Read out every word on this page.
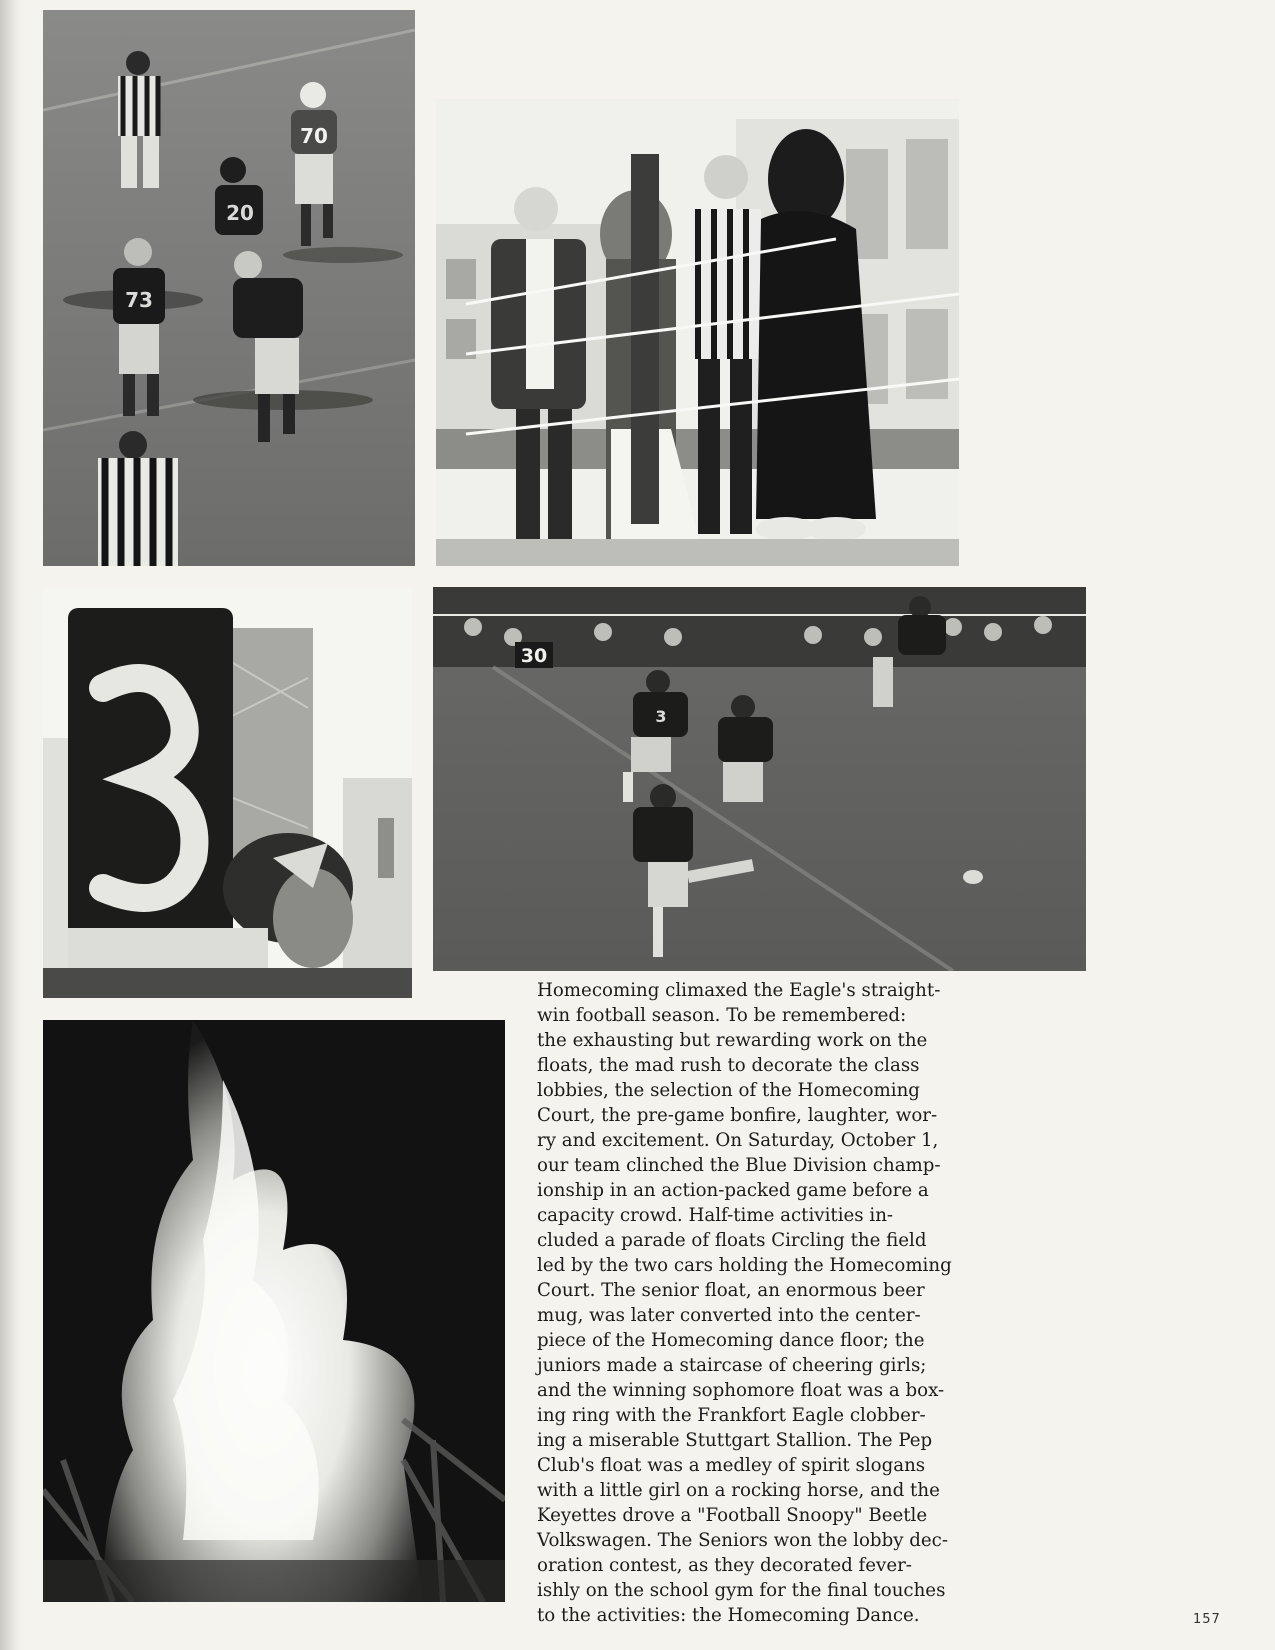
70
20
73
3
30
3

Homecoming climaxed the Eagle's straight-
win football season. To be remembered:
the exhausting but rewarding work on the
floats, the mad rush to decorate the class
lobbies, the selection of the Homecoming
Court, the pre-game bonfire, laughter, wor-
ry and excitement. On Saturday, October 1,
our team clinched the Blue Division champ-
ionship in an action-packed game before a
capacity crowd. Half-time activities in-
cluded a parade of floats Circling the field
led by the two cars holding the Homecoming
Court. The senior float, an enormous beer
mug, was later converted into the center-
piece of the Homecoming dance floor; the
juniors made a staircase of cheering girls;
and the winning sophomore float was a box-
ing ring with the Frankfort Eagle clobber-
ing a miserable Stuttgart Stallion. The Pep
Club's float was a medley of spirit slogans
with a little girl on a rocking horse, and the
Keyettes drove a "Football Snoopy" Beetle
Volkswagen. The Seniors won the lobby dec-
oration contest, as they decorated fever-
ishly on the school gym for the final touches
to the activities: the Homecoming Dance.	157
